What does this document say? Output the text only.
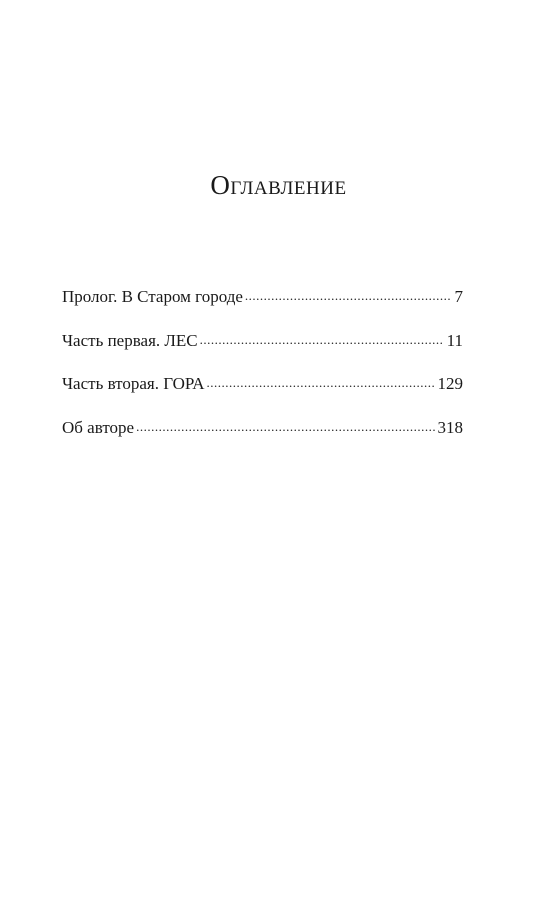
Оглавление
Пролог. В Старом городе .....	7
Часть первая. ЛЕС .....	11
Часть вторая. ГОРА .....	129
Об авторе .....	318
